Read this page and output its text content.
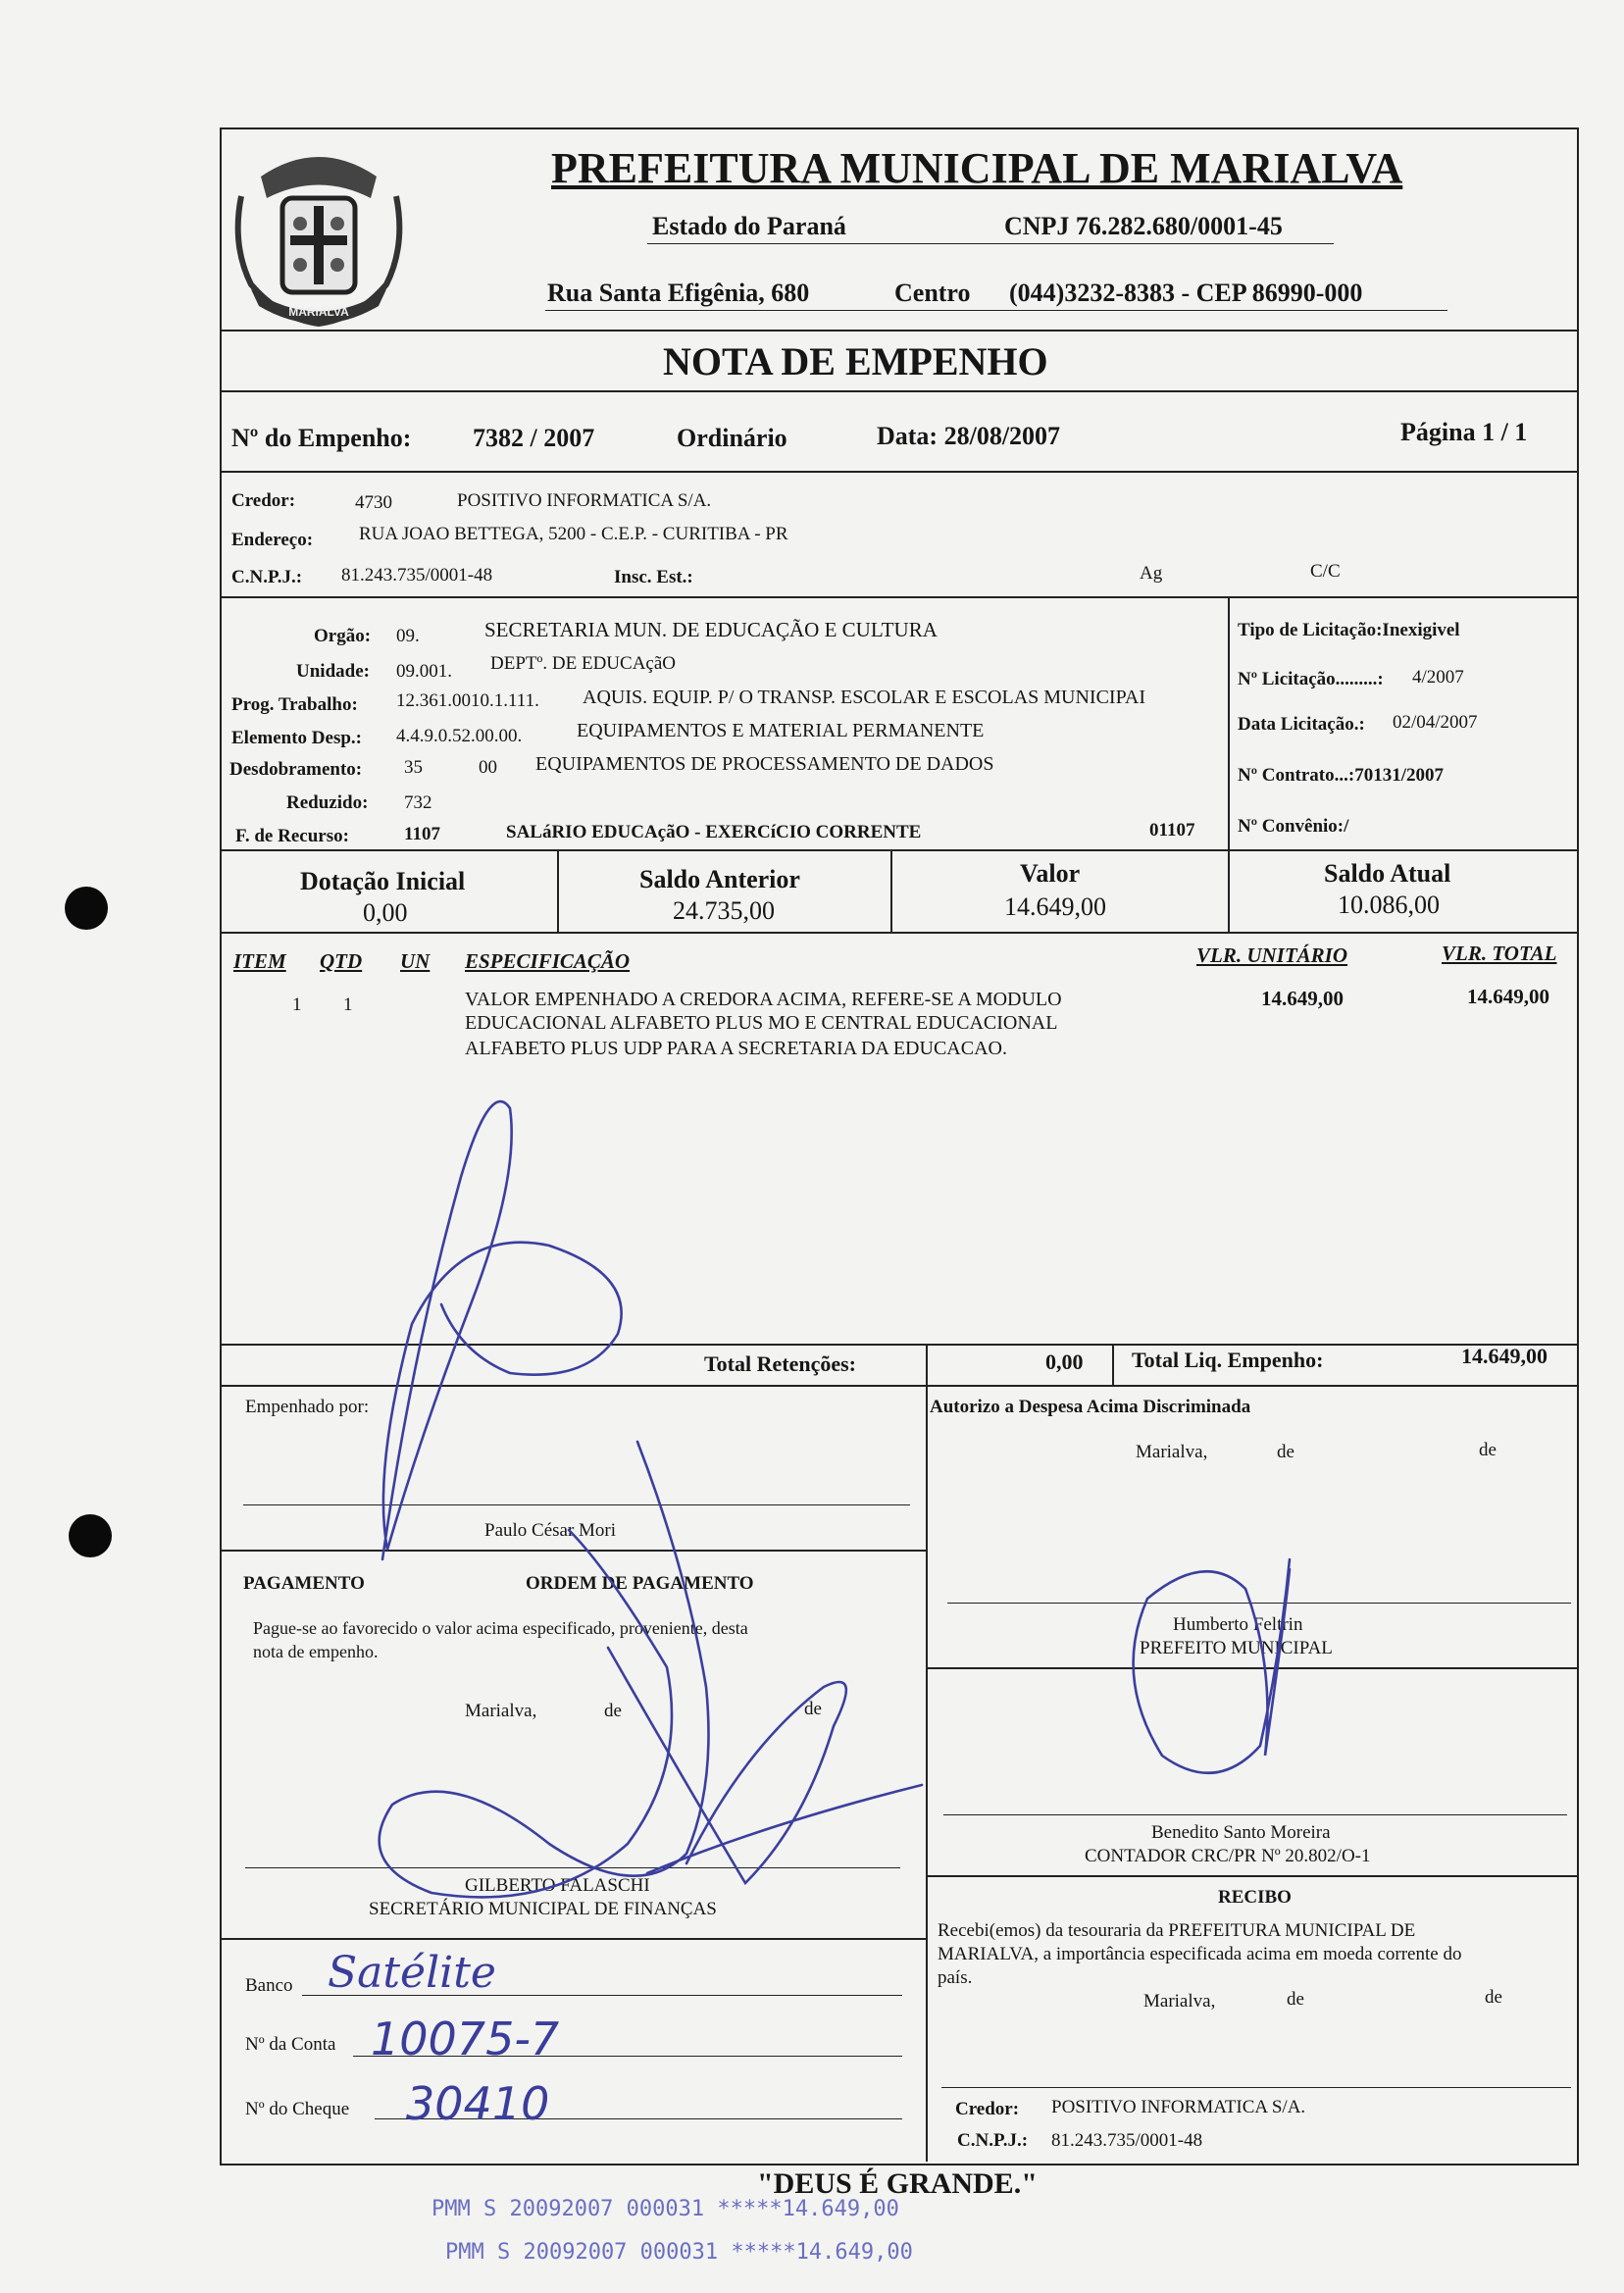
MARIALVA
PREFEITURA MUNICIPAL DE MARIALVA
Estado do Paraná	CNPJ 76.282.680/0001-45
Rua Santa Efigênia, 680	Centro (044)3232-8383 - CEP 86990-000
NOTA DE EMPENHO
Nº do Empenho: 7382 / 2007	Ordinário	Data: 28/08/2007	Página 1 / 1
Credor:	4730	POSITIVO INFORMATICA S/A.
Endereço: RUA JOAO BETTEGA, 5200 - C.E.P. - CURITIBA - PR
C.N.P.J.: 81.243.735/0001-48	Insc. Est.:	Ag	C/C
Orgão: 09.	SECRETARIA MUN. DE EDUCAÇÃO E CULTURA
Unidade: 09.001. DEPTº. DE EDUCAçãO
Prog. Trabalho: 12.361.0010.1.111. AQUIS. EQUIP. P/ O TRANSP. ESCOLAR E ESCOLAS MUNICIPAI
Elemento Desp.: 4.4.9.0.52.00.00.	EQUIPAMENTOS E MATERIAL PERMANENTE
Desdobramento: 35	00 EQUIPAMENTOS DE PROCESSAMENTO DE DADOS
Reduzido: 732
F. de Recurso:	1107	SALáRIO EDUCAçãO - EXERCíCIO CORRENTE	01107
Tipo de Licitação:Inexigivel
Nº Licitação.........: 4/2007
Data Licitação.: 02/04/2007
Nº Contrato...:70131/2007
Nº Convênio:/
Dotação Inicial
0,00
Saldo Anterior
24.735,00
Valor
14.649,00
Saldo Atual
10.086,00
ITEM QTD UN ESPECIFICAÇÃO	VLR. UNITÁRIO	VLR. TOTAL
1 1	VALOR EMPENHADO A CREDORA ACIMA, REFERE-SE A MODULO
EDUCACIONAL ALFABETO PLUS MO E CENTRAL EDUCACIONAL
ALFABETO PLUS UDP PARA A SECRETARIA DA EDUCACAO.
14.649,00	14.649,00
Total Retenções:	0,00 Total Liq. Empenho:	14.649,00
Empenhado por:
Paulo César Mori
Autorizo a Despesa Acima Discriminada
Marialva,	de	de
Humberto Feltrin
PREFEITO MUNICIPAL
Benedito Santo Moreira
CONTADOR CRC/PR Nº 20.802/O-1
PAGAMENTO	ORDEM DE PAGAMENTO
Pague-se ao favorecido o valor acima especificado, proveniente, desta
nota de empenho.
Marialva,	de	de
GILBERTO FALASCHI
SECRETÁRIO MUNICIPAL DE FINANÇAS
Banco Satélite
Nº da Conta 10075-7
Nº do Cheque 30410
RECIBO
Recebi(emos) da tesouraria da PREFEITURA MUNICIPAL DE
MARIALVA, a importância especificada acima em moeda corrente do
país.
Marialva,	de	de
Credor: POSITIVO INFORMATICA S/A.
C.N.P.J.: 81.243.735/0001-48
"DEUS É GRANDE."
PMM S 20092007 000031 *****14.649,00
PMM S 20092007 000031 *****14.649,00
